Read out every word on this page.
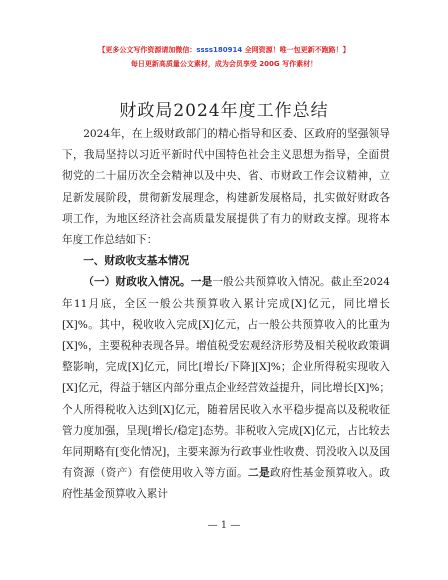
【更多公文写作资源请加微信：ssss180914 全网资源！唯一包更新不跑路！】
每日更新高质量公文素材，成为会员享受 200G 写作素材！
财政局2024年度工作总结

2024年，在上级财政部门的精心指导和区委、区政府的坚强领导下，我局坚持以习近平新时代中国特色社会主义思想为指导，全面贯彻党的二十届历次全会精神以及中央、省、市财政工作会议精神，立足新发展阶段，贯彻新发展理念，构建新发展格局，扎实做好财政各项工作，为地区经济社会高质量发展提供了有力的财政支撑。现将本年度工作总结如下：

一、财政收支基本情况

（一）财政收入情况。一是一般公共预算收入情况。截止至2024年11月底，全区一般公共预算收入累计完成[X]亿元，同比增长[X]%。其中，税收收入完成[X]亿元，占一般公共预算收入的比重为[X]%，主要税种表现各异。增值税受宏观经济形势及相关税收政策调整影响，完成[X]亿元，同比[增长/下降][X]%；企业所得税实现收入[X]亿元，得益于辖区内部分重点企业经营效益提升，同比增长[X]%；个人所得税收入达到[X]亿元，随着居民收入水平稳步提高以及税收征管力度加强，呈现[增长/稳定]态势。非税收入完成[X]亿元，占比较去年同期略有[变化情况]，主要来源为行政事业性收费、罚没收入以及国有资源（资产）有偿使用收入等方面。二是政府性基金预算收入。政府性基金预算收入累计

— 1 —
